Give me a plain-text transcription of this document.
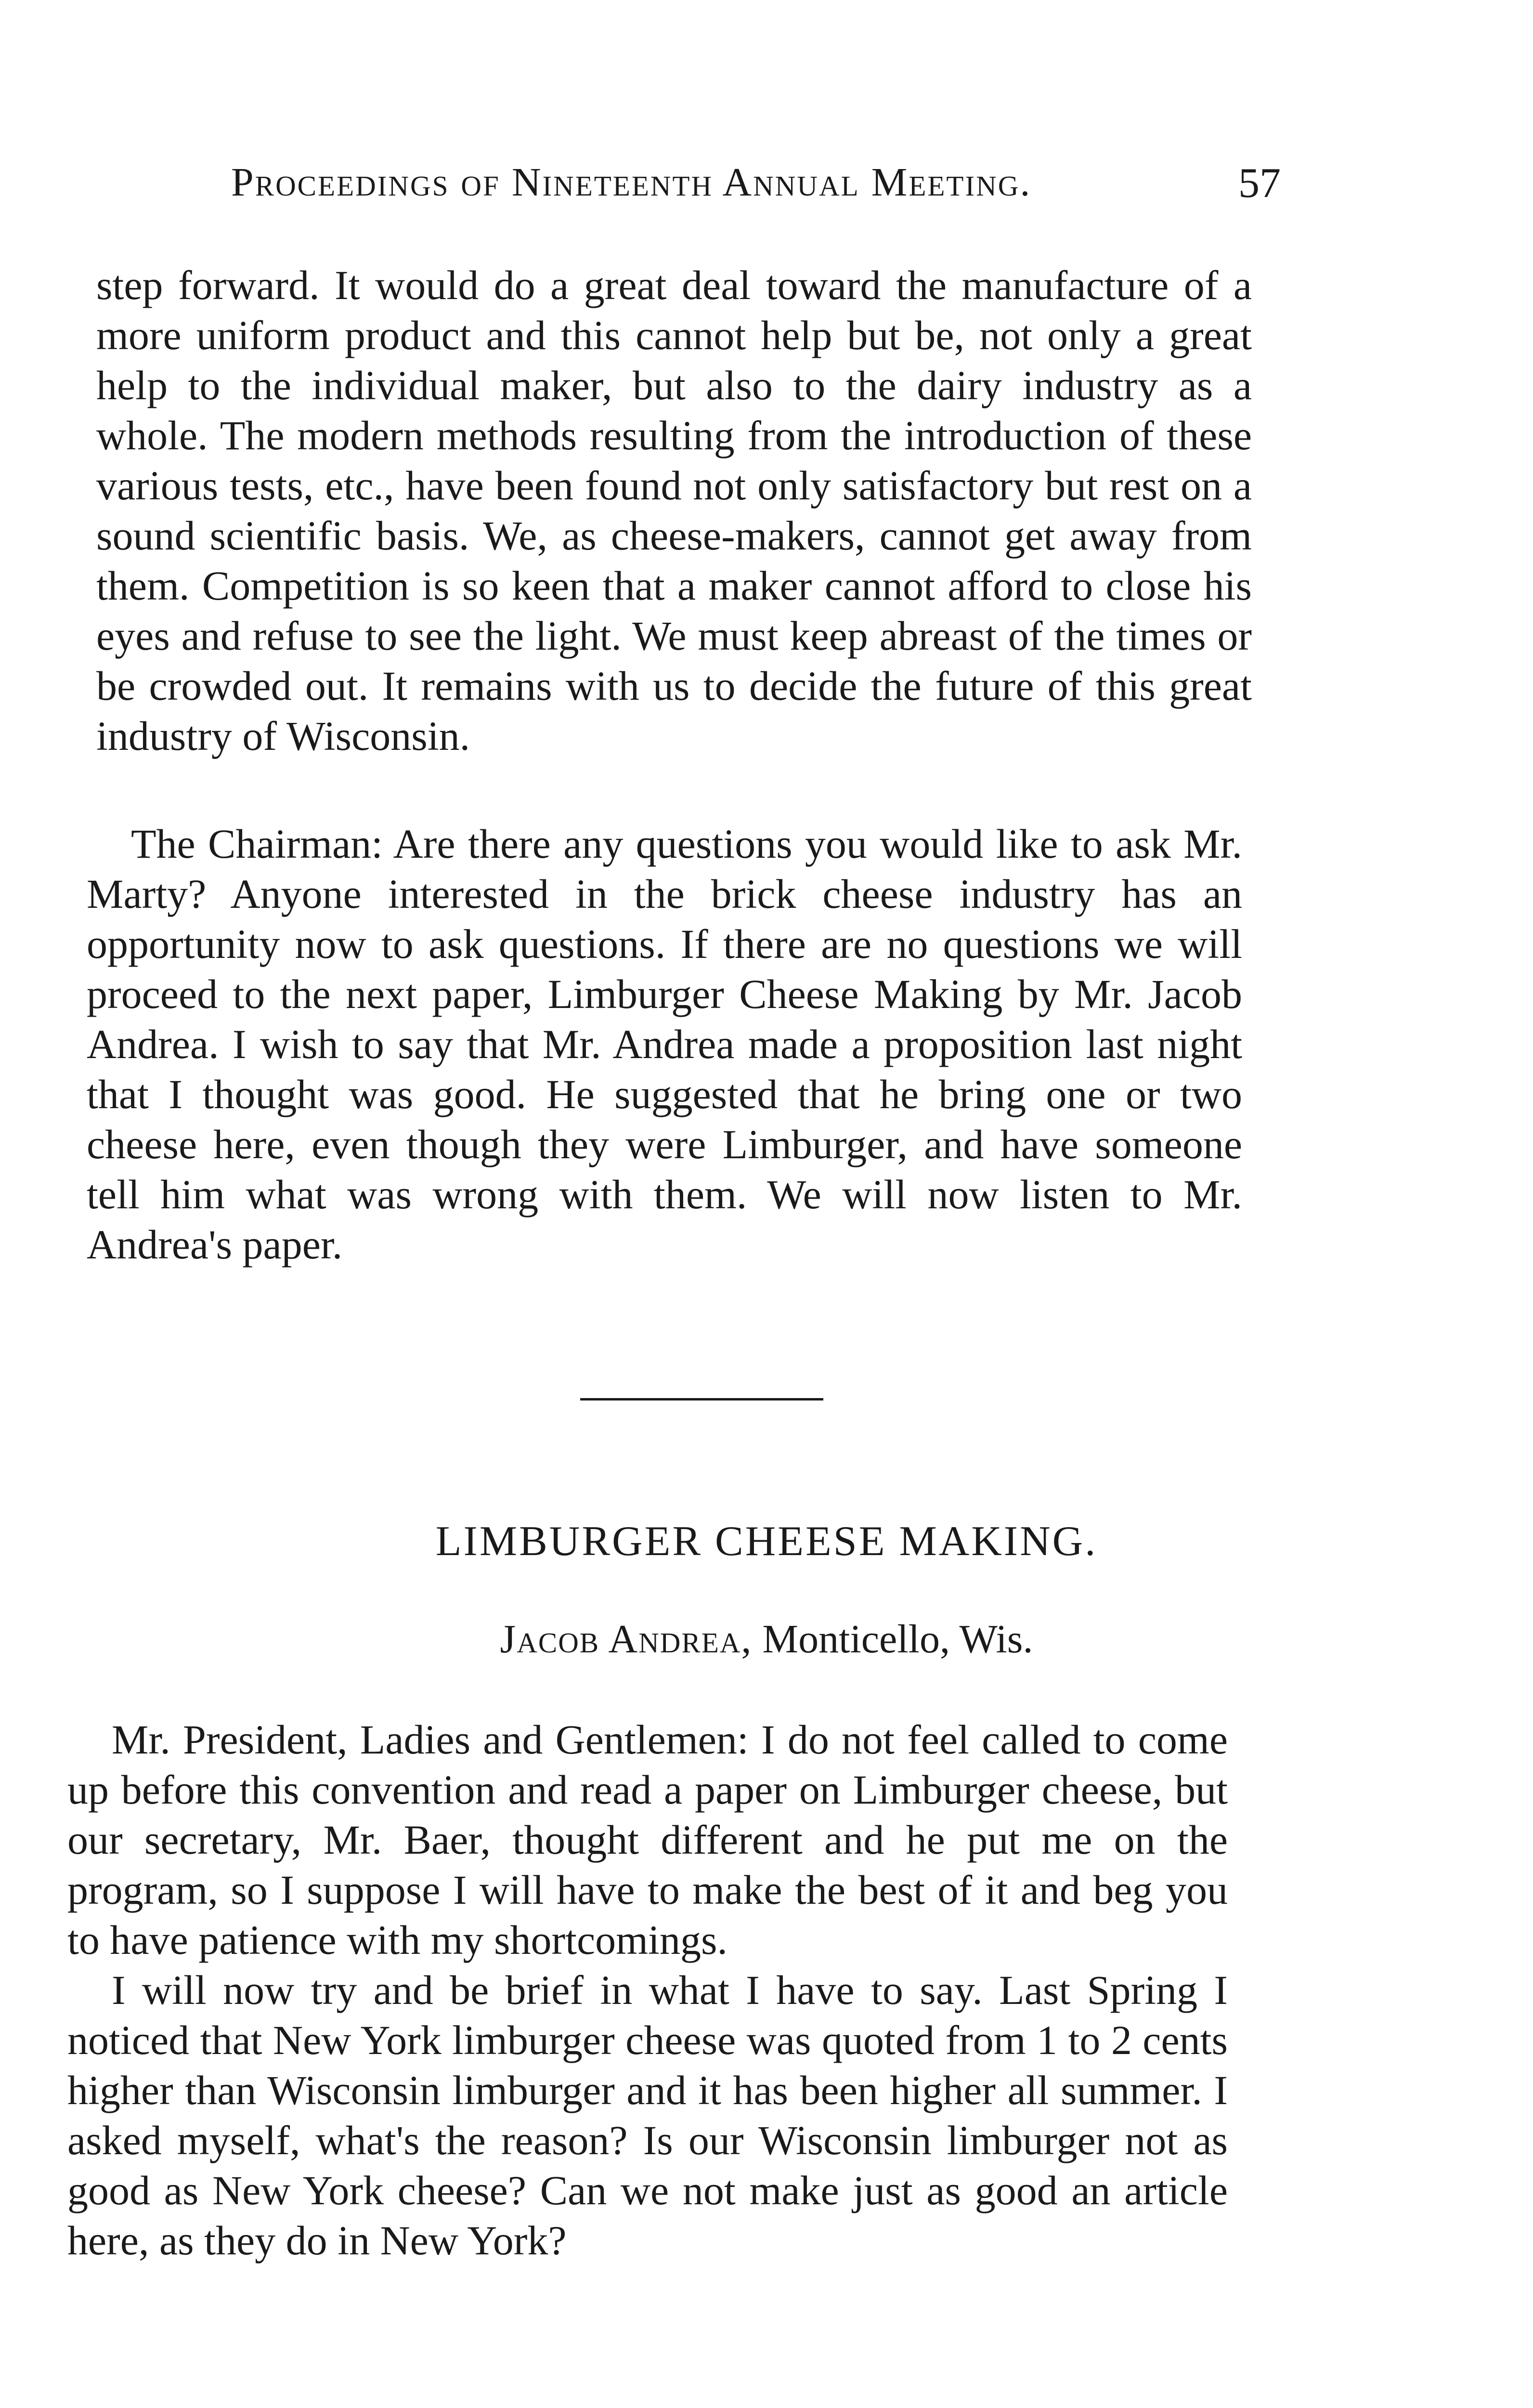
Proceedings of Nineteenth Annual Meeting.	57

step forward. It would do a great deal toward the manufacture of a more uniform product and this cannot help but be, not only a great help to the individual maker, but also to the dairy industry as a whole. The modern methods resulting from the introduction of these various tests, etc., have been found not only satisfactory but rest on a sound scientific basis. We, as cheese-makers, cannot get away from them. Competition is so keen that a maker cannot afford to close his eyes and refuse to see the light. We must keep abreast of the times or be crowded out. It remains with us to decide the future of this great industry of Wisconsin.

The Chairman: Are there any questions you would like to ask Mr. Marty? Anyone interested in the brick cheese industry has an opportunity now to ask questions. If there are no questions we will proceed to the next paper, Limburger Cheese Making by Mr. Jacob Andrea. I wish to say that Mr. Andrea made a proposition last night that I thought was good. He suggested that he bring one or two cheese here, even though they were Limburger, and have someone tell him what was wrong with them. We will now listen to Mr. Andrea's paper.

LIMBURGER CHEESE MAKING.
Jacob Andrea, Monticello, Wis.

Mr. President, Ladies and Gentlemen: I do not feel called to come up before this convention and read a paper on Limburger cheese, but our secretary, Mr. Baer, thought different and he put me on the program, so I suppose I will have to make the best of it and beg you to have patience with my shortcomings.

I will now try and be brief in what I have to say. Last Spring I noticed that New York limburger cheese was quoted from 1 to 2 cents higher than Wisconsin limburger and it has been higher all summer. I asked myself, what's the reason? Is our Wisconsin limburger not as good as New York cheese? Can we not make just as good an article here, as they do in New York?
